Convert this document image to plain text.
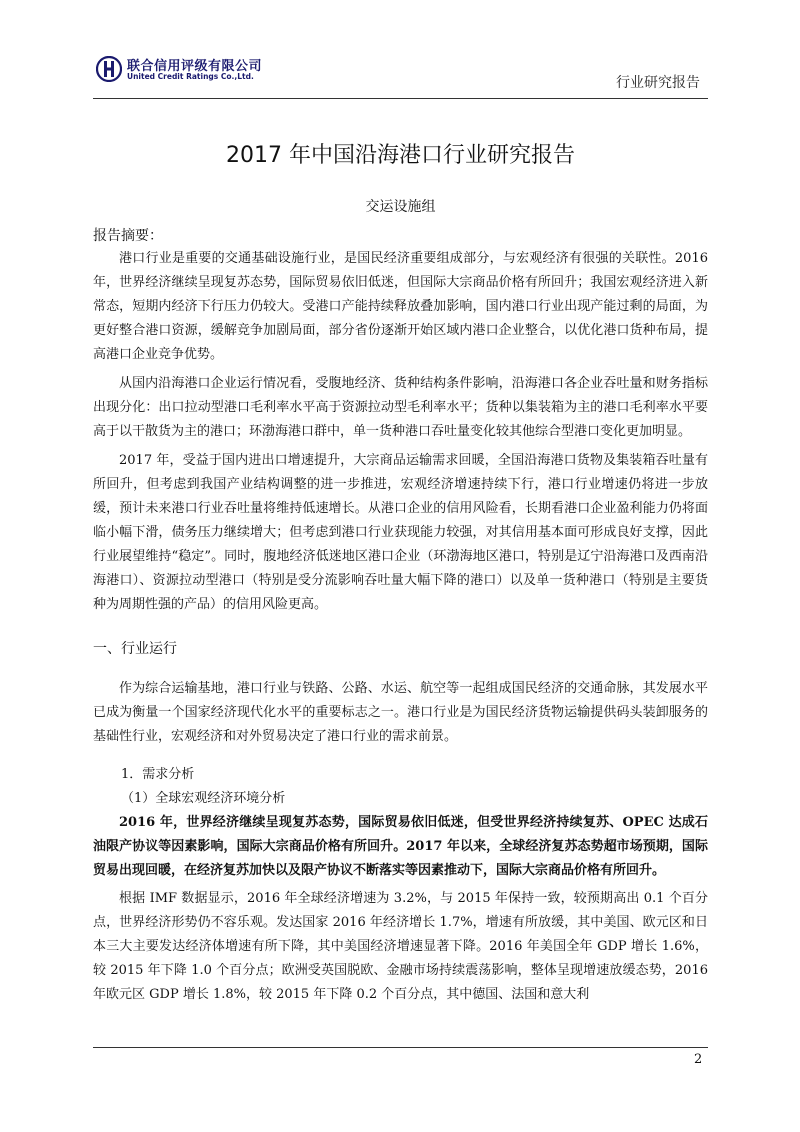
联合信用评级有限公司
United Credit Ratings Co.,Ltd.	行业研究报告
2017 年中国沿海港口行业研究报告
交运设施组
报告摘要：

港口行业是重要的交通基础设施行业，是国民经济重要组成部分，与宏观经济有很强的关联性。2016 年，世界经济继续呈现复苏态势，国际贸易依旧低迷，但国际大宗商品价格有所回升；我国宏观经济进入新常态，短期内经济下行压力仍较大。受港口产能持续释放叠加影响，国内港口行业出现产能过剩的局面，为更好整合港口资源，缓解竞争加剧局面，部分省份逐渐开始区域内港口企业整合，以优化港口货种布局，提高港口企业竞争优势。

从国内沿海港口企业运行情况看，受腹地经济、货种结构条件影响，沿海港口各企业吞吐量和财务指标出现分化：出口拉动型港口毛利率水平高于资源拉动型毛利率水平；货种以集装箱为主的港口毛利率水平要高于以干散货为主的港口；环渤海港口群中，单一货种港口吞吐量变化较其他综合型港口变化更加明显。

2017 年，受益于国内进出口增速提升，大宗商品运输需求回暖，全国沿海港口货物及集装箱吞吐量有所回升，但考虑到我国产业结构调整的进一步推进，宏观经济增速持续下行，港口行业增速仍将进一步放缓，预计未来港口行业吞吐量将维持低速增长。从港口企业的信用风险看，长期看港口企业盈利能力仍将面临小幅下滑，债务压力继续增大；但考虑到港口行业获现能力较强，对其信用基本面可形成良好支撑，因此行业展望维持“稳定”。同时，腹地经济低迷地区港口企业（环渤海地区港口，特别是辽宁沿海港口及西南沿海港口）、资源拉动型港口（特别是受分流影响吞吐量大幅下降的港口）以及单一货种港口（特别是主要货种为周期性强的产品）的信用风险更高。

一、行业运行

作为综合运输基地，港口行业与铁路、公路、水运、航空等一起组成国民经济的交通命脉，其发展水平已成为衡量一个国家经济现代化水平的重要标志之一。港口行业是为国民经济货物运输提供码头装卸服务的基础性行业，宏观经济和对外贸易决定了港口行业的需求前景。

1．需求分析
（1）全球宏观经济环境分析

2016 年，世界经济继续呈现复苏态势，国际贸易依旧低迷，但受世界经济持续复苏、OPEC 达成石油限产协议等因素影响，国际大宗商品价格有所回升。2017 年以来，全球经济复苏态势超市场预期，国际贸易出现回暖，在经济复苏加快以及限产协议不断落实等因素推动下，国际大宗商品价格有所回升。

根据 IMF 数据显示，2016 年全球经济增速为 3.2%，与 2015 年保持一致，较预期高出 0.1 个百分点，世界经济形势仍不容乐观。发达国家 2016 年经济增长 1.7%，增速有所放缓，其中美国、欧元区和日本三大主要发达经济体增速有所下降，其中美国经济增速显著下降。2016 年美国全年 GDP 增长 1.6%，较 2015 年下降 1.0 个百分点；欧洲受英国脱欧、金融市场持续震荡影响，整体呈现增速放缓态势，2016 年欧元区 GDP 增长 1.8%，较 2015 年下降 0.2 个百分点，其中德国、法国和意大利

2
